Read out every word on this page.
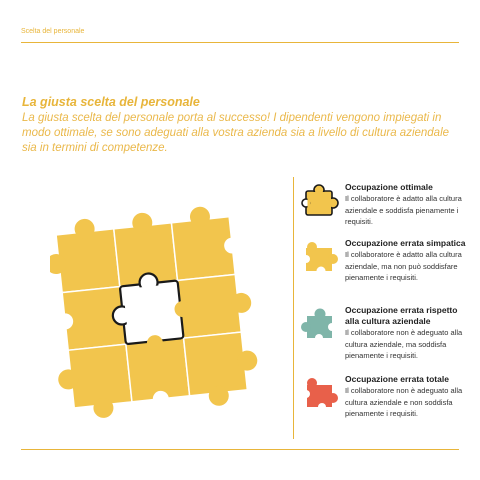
Scelta del personale
La giusta scelta del personale

La giusta scelta del personale porta al successo! I dipendenti vengono impiegati in modo ottimale, se sono adeguati alla vostra azienda sia a livello di cultura aziendale sia in termini di competenze.

Occupazione ottimale
Il collaboratore è adatto alla cultura aziendale e soddisfa pienamente i requisiti.
Occupazione errata simpatica
Il collaboratore è adatto alla cultura aziendale, ma non può soddisfare pienamente i requisiti.
Occupazione errata rispetto alla cultura aziendale
Il collaboratore non è adeguato alla cultura aziendale, ma soddisfa pienamente i requisiti.
Occupazione errata totale
Il collaboratore non è adeguato alla cultura aziendale e non soddisfa pienamente i requisiti.
